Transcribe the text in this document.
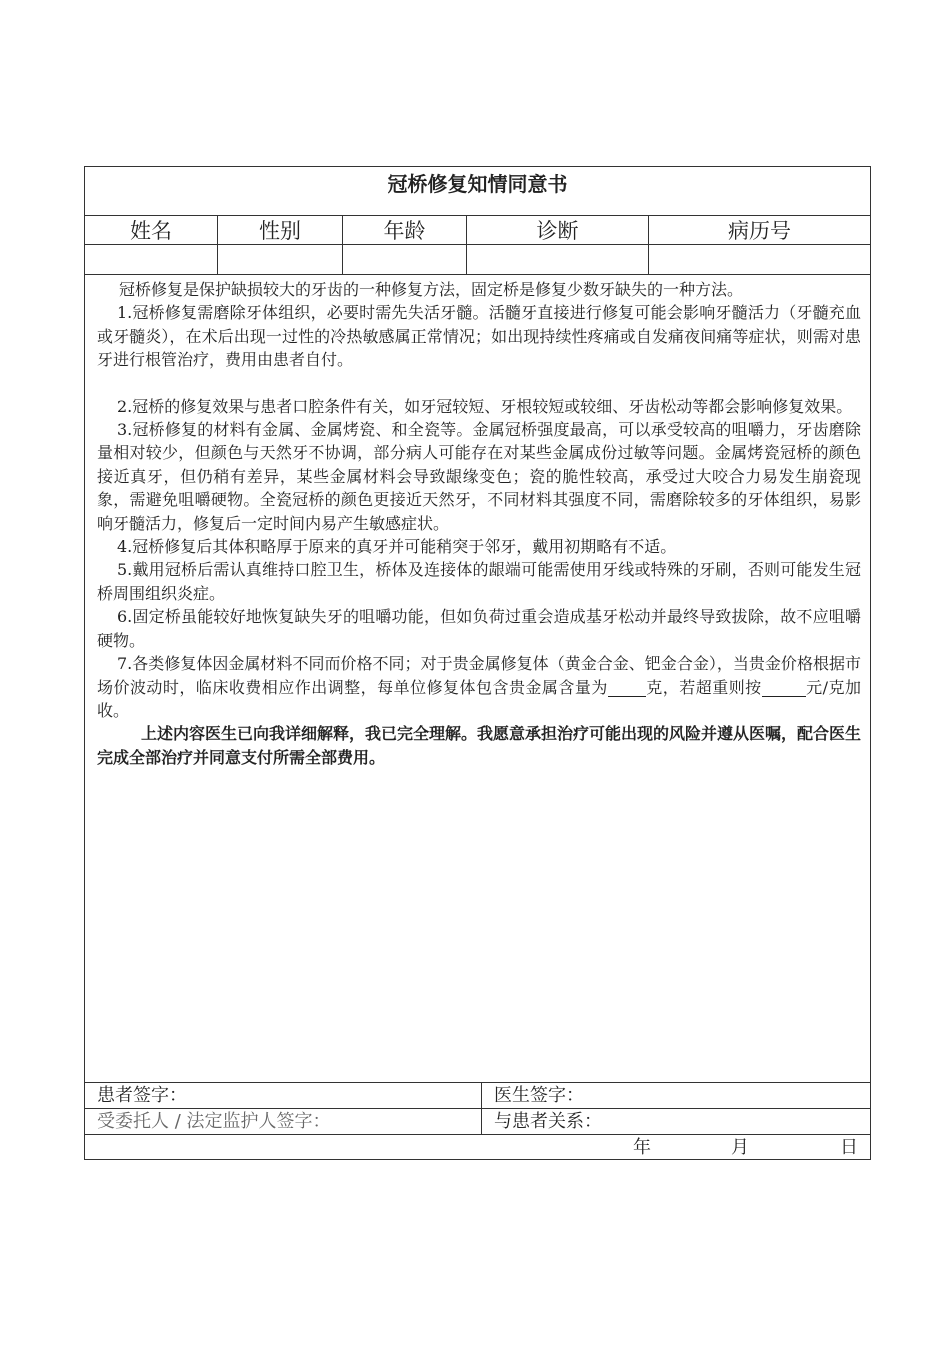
冠桥修复知情同意书
姓名	性别	年龄	诊断	病历号

冠桥修复是保护缺损较大的牙齿的一种修复方法，固定桥是修复少数牙缺失的一种方法。

1.冠桥修复需磨除牙体组织，必要时需先失活牙髓。活髓牙直接进行修复可能会影响牙髓活力（牙髓充血或牙髓炎），在术后出现一过性的冷热敏感属正常情况；如出现持续性疼痛或自发痛夜间痛等症状，则需对患牙进行根管治疗，费用由患者自付。

2.冠桥的修复效果与患者口腔条件有关，如牙冠较短、牙根较短或较细、牙齿松动等都会影响修复效果。

3.冠桥修复的材料有金属、金属烤瓷、和全瓷等。金属冠桥强度最高，可以承受较高的咀嚼力，牙齿磨除量相对较少，但颜色与天然牙不协调，部分病人可能存在对某些金属成份过敏等问题。金属烤瓷冠桥的颜色接近真牙，但仍稍有差异，某些金属材料会导致龈缘变色；瓷的脆性较高，承受过大咬合力易发生崩瓷现象，需避免咀嚼硬物。全瓷冠桥的颜色更接近天然牙，不同材料其强度不同，需磨除较多的牙体组织，易影响牙髓活力，修复后一定时间内易产生敏感症状。

4.冠桥修复后其体积略厚于原来的真牙并可能稍突于邻牙，戴用初期略有不适。

5.戴用冠桥后需认真维持口腔卫生，桥体及连接体的龈端可能需使用牙线或特殊的牙刷，否则可能发生冠桥周围组织炎症。

6.固定桥虽能较好地恢复缺失牙的咀嚼功能，但如负荷过重会造成基牙松动并最终导致拔除，故不应咀嚼硬物。

7.各类修复体因金属材料不同而价格不同；对于贵金属修复体（黄金合金、钯金合金），当贵金价格根据市场价波动时，临床收费相应作出调整，每单位修复体包含贵金属含量为 克，若超重则按	元/克加收。

上述内容医生已向我详细解释，我已完全理解。我愿意承担治疗可能出现的风险并遵从医嘱，配合医生完成全部治疗并同意支付所需全部费用。

患者签字：	医生签字：
受委托人 / 法定监护人签字：	与患者关系：
年	月	日
